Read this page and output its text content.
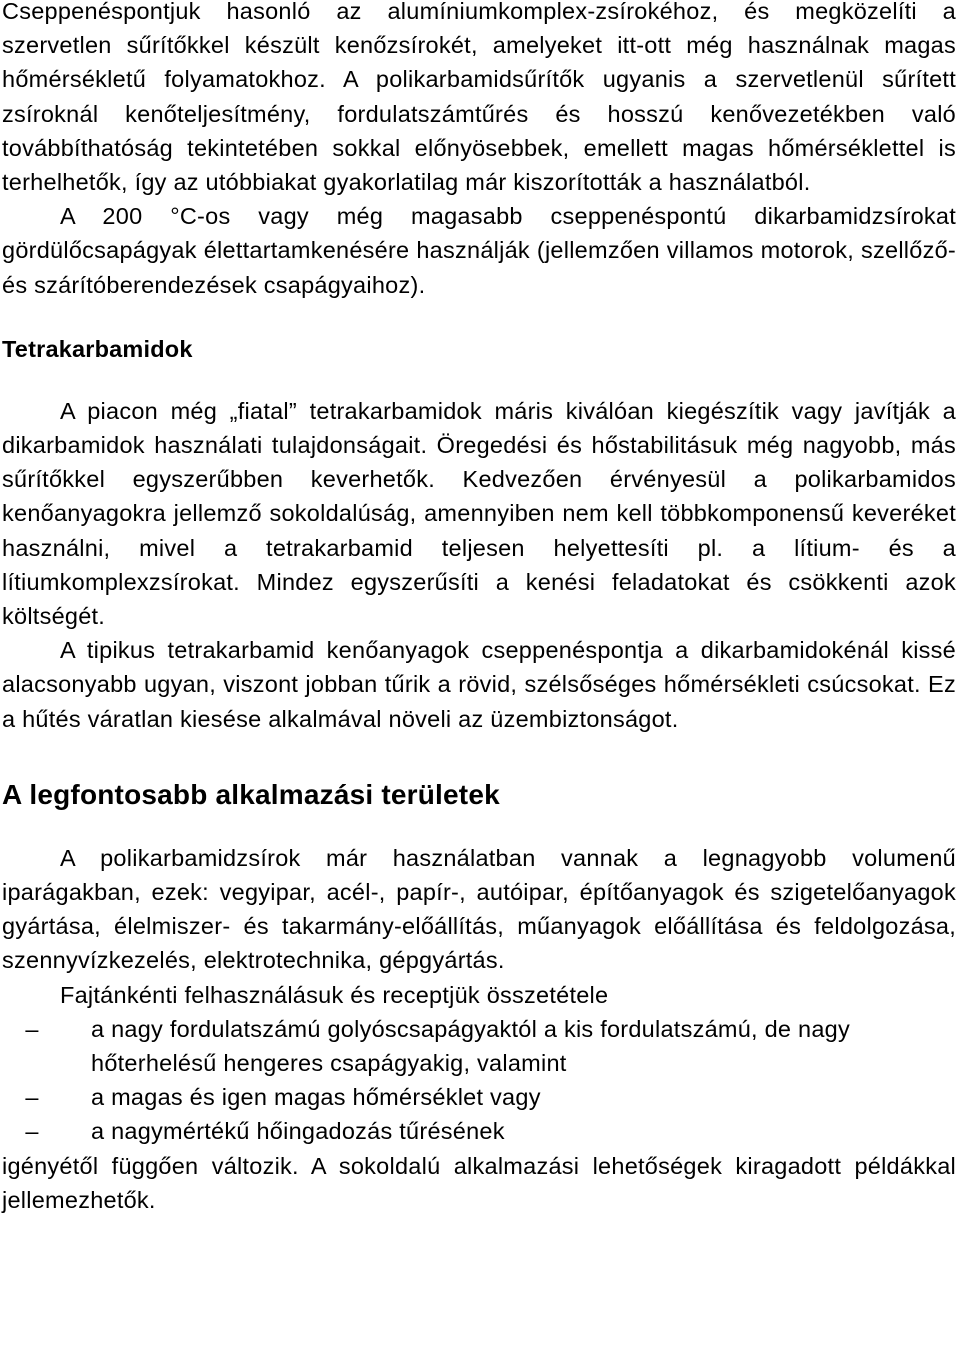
Cseppenéspontjuk hasonló az alumíniumkomplex-zsírokéhoz, és megközelíti a szervetlen sűrítőkkel készült kenőzsírokét, amelyeket itt-ott még használnak magas hőmérsékletű folyamatokhoz. A polikarbamidsűrítők ugyanis a szervetlenül sűrített zsíroknál kenőteljesítmény, fordulatszámtűrés és hosszú kenővezetékben való továbbíthatóság tekintetében sokkal előnyösebbek, emellett magas hőmérséklettel is terhelhetők, így az utóbbiakat gyakorlatilag már kiszorították a használatból.

A 200 °C-os vagy még magasabb cseppenéspontú dikarbamidzsírokat gördülőcsapágyak élettartamkenésére használják (jellemzően villamos motorok, szellőző- és szárítóberendezések csapágyaihoz).

Tetrakarbamidok

A piacon még „fiatal” tetrakarbamidok máris kiválóan kiegészítik vagy javítják a dikarbamidok használati tulajdonságait. Öregedési és hőstabilitásuk még nagyobb, más sűrítőkkel egyszerűbben keverhetők. Kedvezően érvényesül a polikarbamidos kenőanyagokra jellemző sokoldalúság, amennyiben nem kell többkomponensű keveréket használni, mivel a tetrakarbamid teljesen helyettesíti pl. a lítium- és a lítiumkomplexzsírokat. Mindez egyszerűsíti a kenési feladatokat és csökkenti azok költségét.

A tipikus tetrakarbamid kenőanyagok cseppenéspontja a dikarbamidokénál kissé alacsonyabb ugyan, viszont jobban tűrik a rövid, szélsőséges hőmérsékleti csúcsokat. Ez a hűtés váratlan kiesése alkalmával növeli az üzembiztonságot.

A legfontosabb alkalmazási területek

A polikarbamidzsírok már használatban vannak a legnagyobb volumenű iparágakban, ezek: vegyipar, acél-, papír-, autóipar, építőanyagok és szigetelőanyagok gyártása, élelmiszer- és takarmány-előállítás, műanyagok előállítása és feldolgozása, szennyvízkezelés, elektrotechnika, gépgyártás.

Fajtánkénti felhasználásuk és receptjük összetétele

–	a nagy fordulatszámú golyóscsapágyaktól a kis fordulatszámú, de nagy hőterhelésű hengeres csapágyakig, valamint
–	a magas és igen magas hőmérséklet vagy
–	a nagymértékű hőingadozás tűrésének

igényétől függően változik. A sokoldalú alkalmazási lehetőségek kiragadott példákkal jellemezhetők.
